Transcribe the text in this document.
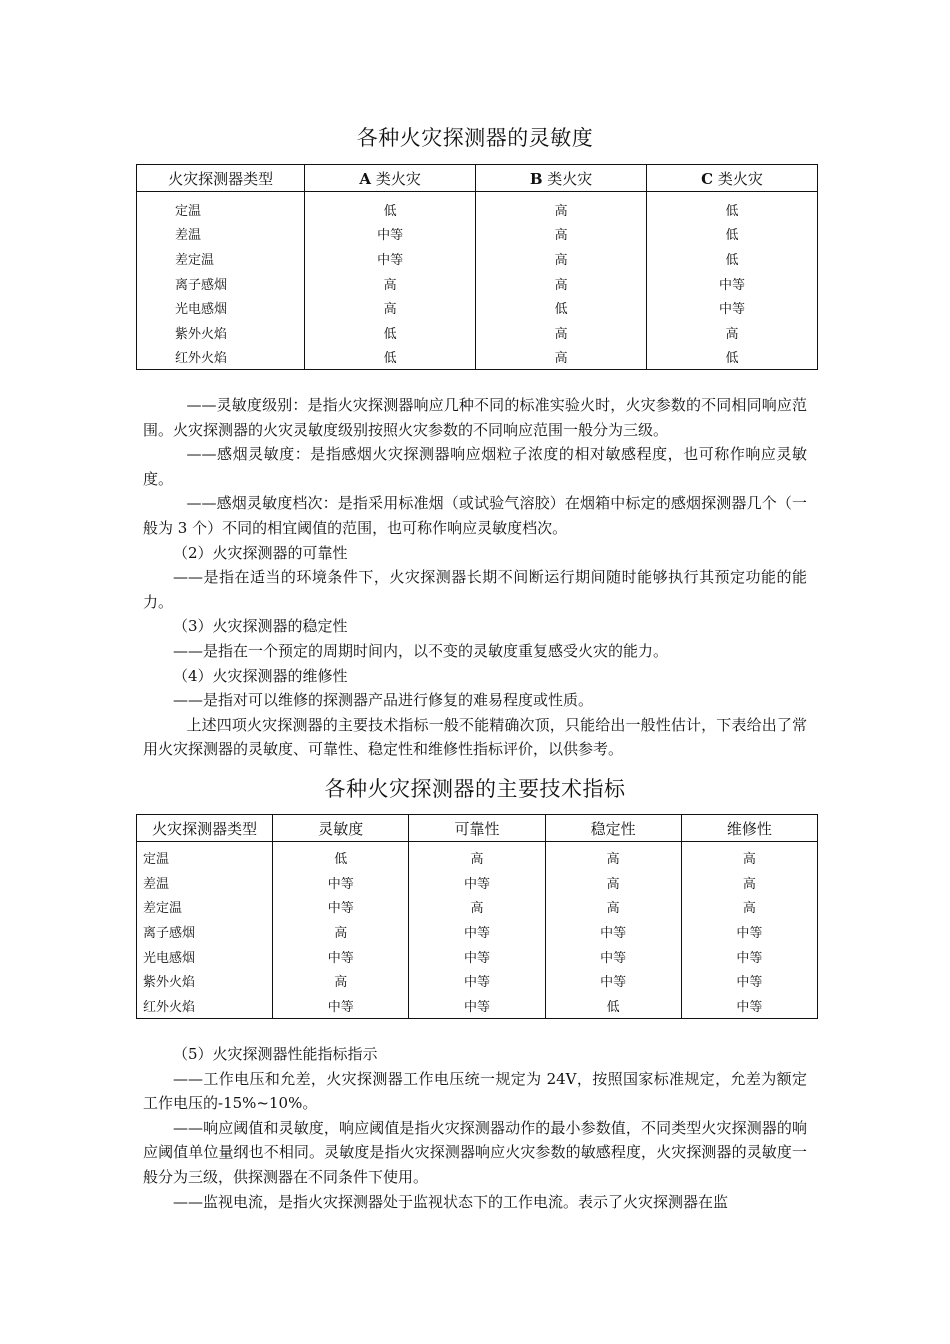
各种火灾探测器的灵敏度
火灾探测器类型	A 类火灾	B 类火灾	C 类火灾
定温	低	高	低
差温	中等	高	低
差定温	中等	高	低
离子感烟	高	高	中等
光电感烟	高	低	中等
紫外火焰	低	高	高
红外火焰	低	高	低

——灵敏度级别：是指火灾探测器响应几种不同的标准实验火时，火灾参数的不同相同响应范围。火灾探测器的火灾灵敏度级别按照火灾参数的不同响应范围一般分为三级。

——感烟灵敏度：是指感烟火灾探测器响应烟粒子浓度的相对敏感程度，也可称作响应灵敏度。

——感烟灵敏度档次：是指采用标准烟（或试验气溶胶）在烟箱中标定的感烟探测器几个（一般为 3 个）不同的相宜阈值的范围，也可称作响应灵敏度档次。

（2）火灾探测器的可靠性

——是指在适当的环境条件下，火灾探测器长期不间断运行期间随时能够执行其预定功能的能力。

（3）火灾探测器的稳定性

——是指在一个预定的周期时间内，以不变的灵敏度重复感受火灾的能力。

（4）火灾探测器的维修性

——是指对可以维修的探测器产品进行修复的难易程度或性质。

上述四项火灾探测器的主要技术指标一般不能精确次顶，只能给出一般性估计，下表给出了常用火灾探测器的灵敏度、可靠性、稳定性和维修性指标评价，以供参考。

各种火灾探测器的主要技术指标
火灾探测器类型	灵敏度	可靠性	稳定性	维修性
定温	低	高	高	高
差温	中等	中等	高	高
差定温	中等	高	高	高
离子感烟	高	中等	中等	中等
光电感烟	中等	中等	中等	中等
紫外火焰	高	中等	中等	中等
红外火焰	中等	中等	低	中等

（5）火灾探测器性能指标指示

——工作电压和允差，火灾探测器工作电压统一规定为 24V，按照国家标准规定，允差为额定工作电压的-15%~10%。

——响应阈值和灵敏度，响应阈值是指火灾探测器动作的最小参数值，不同类型火灾探测器的响应阈值单位量纲也不相同。灵敏度是指火灾探测器响应火灾参数的敏感程度，火灾探测器的灵敏度一般分为三级，供探测器在不同条件下使用。

——监视电流，是指火灾探测器处于监视状态下的工作电流。表示了火灾探测器在监
